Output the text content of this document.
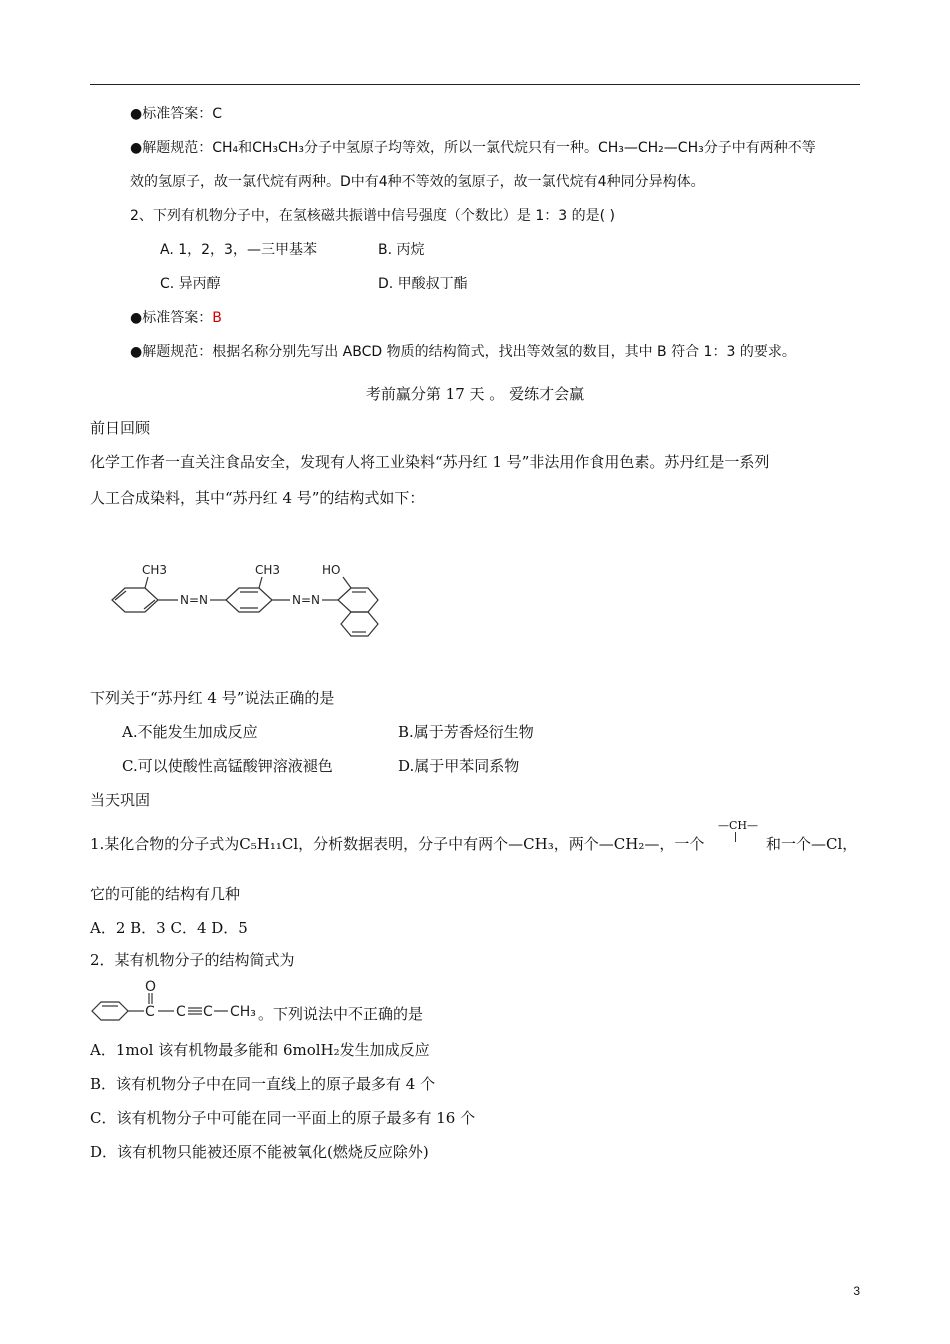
●标准答案：C
●解题规范：CH₄和CH₃CH₃分子中氢原子均等效，所以一氯代烷只有一种。CH₃—CH₂—CH₃分子中有两种不等
效的氢原子，故一氯代烷有两种。D中有4种不等效的氢原子，故一氯代烷有4种同分异构体。
2、下列有机物分子中，在氢核磁共振谱中信号强度（个数比）是 1：3 的是( )
A. 1，2，3，—三甲基苯	B. 丙烷
C. 异丙醇	D. 甲酸叔丁酯
●标准答案：B
●解题规范：根据名称分别先写出 ABCD 物质的结构简式，找出等效氢的数目，其中 B 符合 1：3 的要求。
考前赢分第 17 天 。 爱练才会赢
前日回顾
化学工作者一直关注食品安全，发现有人将工业染料“苏丹红 1 号”非法用作食用色素。苏丹红是一系列
人工合成染料，其中“苏丹红 4 号”的结构式如下：
CH3
N=N
CH3
N=N
HO
下列关于“苏丹红 4 号”说法正确的是
A.不能发生加成反应	B.属于芳香烃衍生物
C.可以使酸性高锰酸钾溶液褪色	D.属于甲苯同系物
当天巩固
1.某化合物的分子式为C₅H₁₁Cl，分析数据表明，分子中有两个—CH₃，两个—CH₂—，一个
—CH—
和一个—Cl，
它的可能的结构有几种
A．2 B．3 C．4 D．5
2．某有机物分子的结构简式为
O
C C C CH₃ 。下列说法中不正确的是
A．1mol 该有机物最多能和 6molH₂发生加成反应
B．该有机物分子中在同一直线上的原子最多有 4 个
C．该有机物分子中可能在同一平面上的原子最多有 16 个
D．该有机物只能被还原不能被氧化(燃烧反应除外)
3
